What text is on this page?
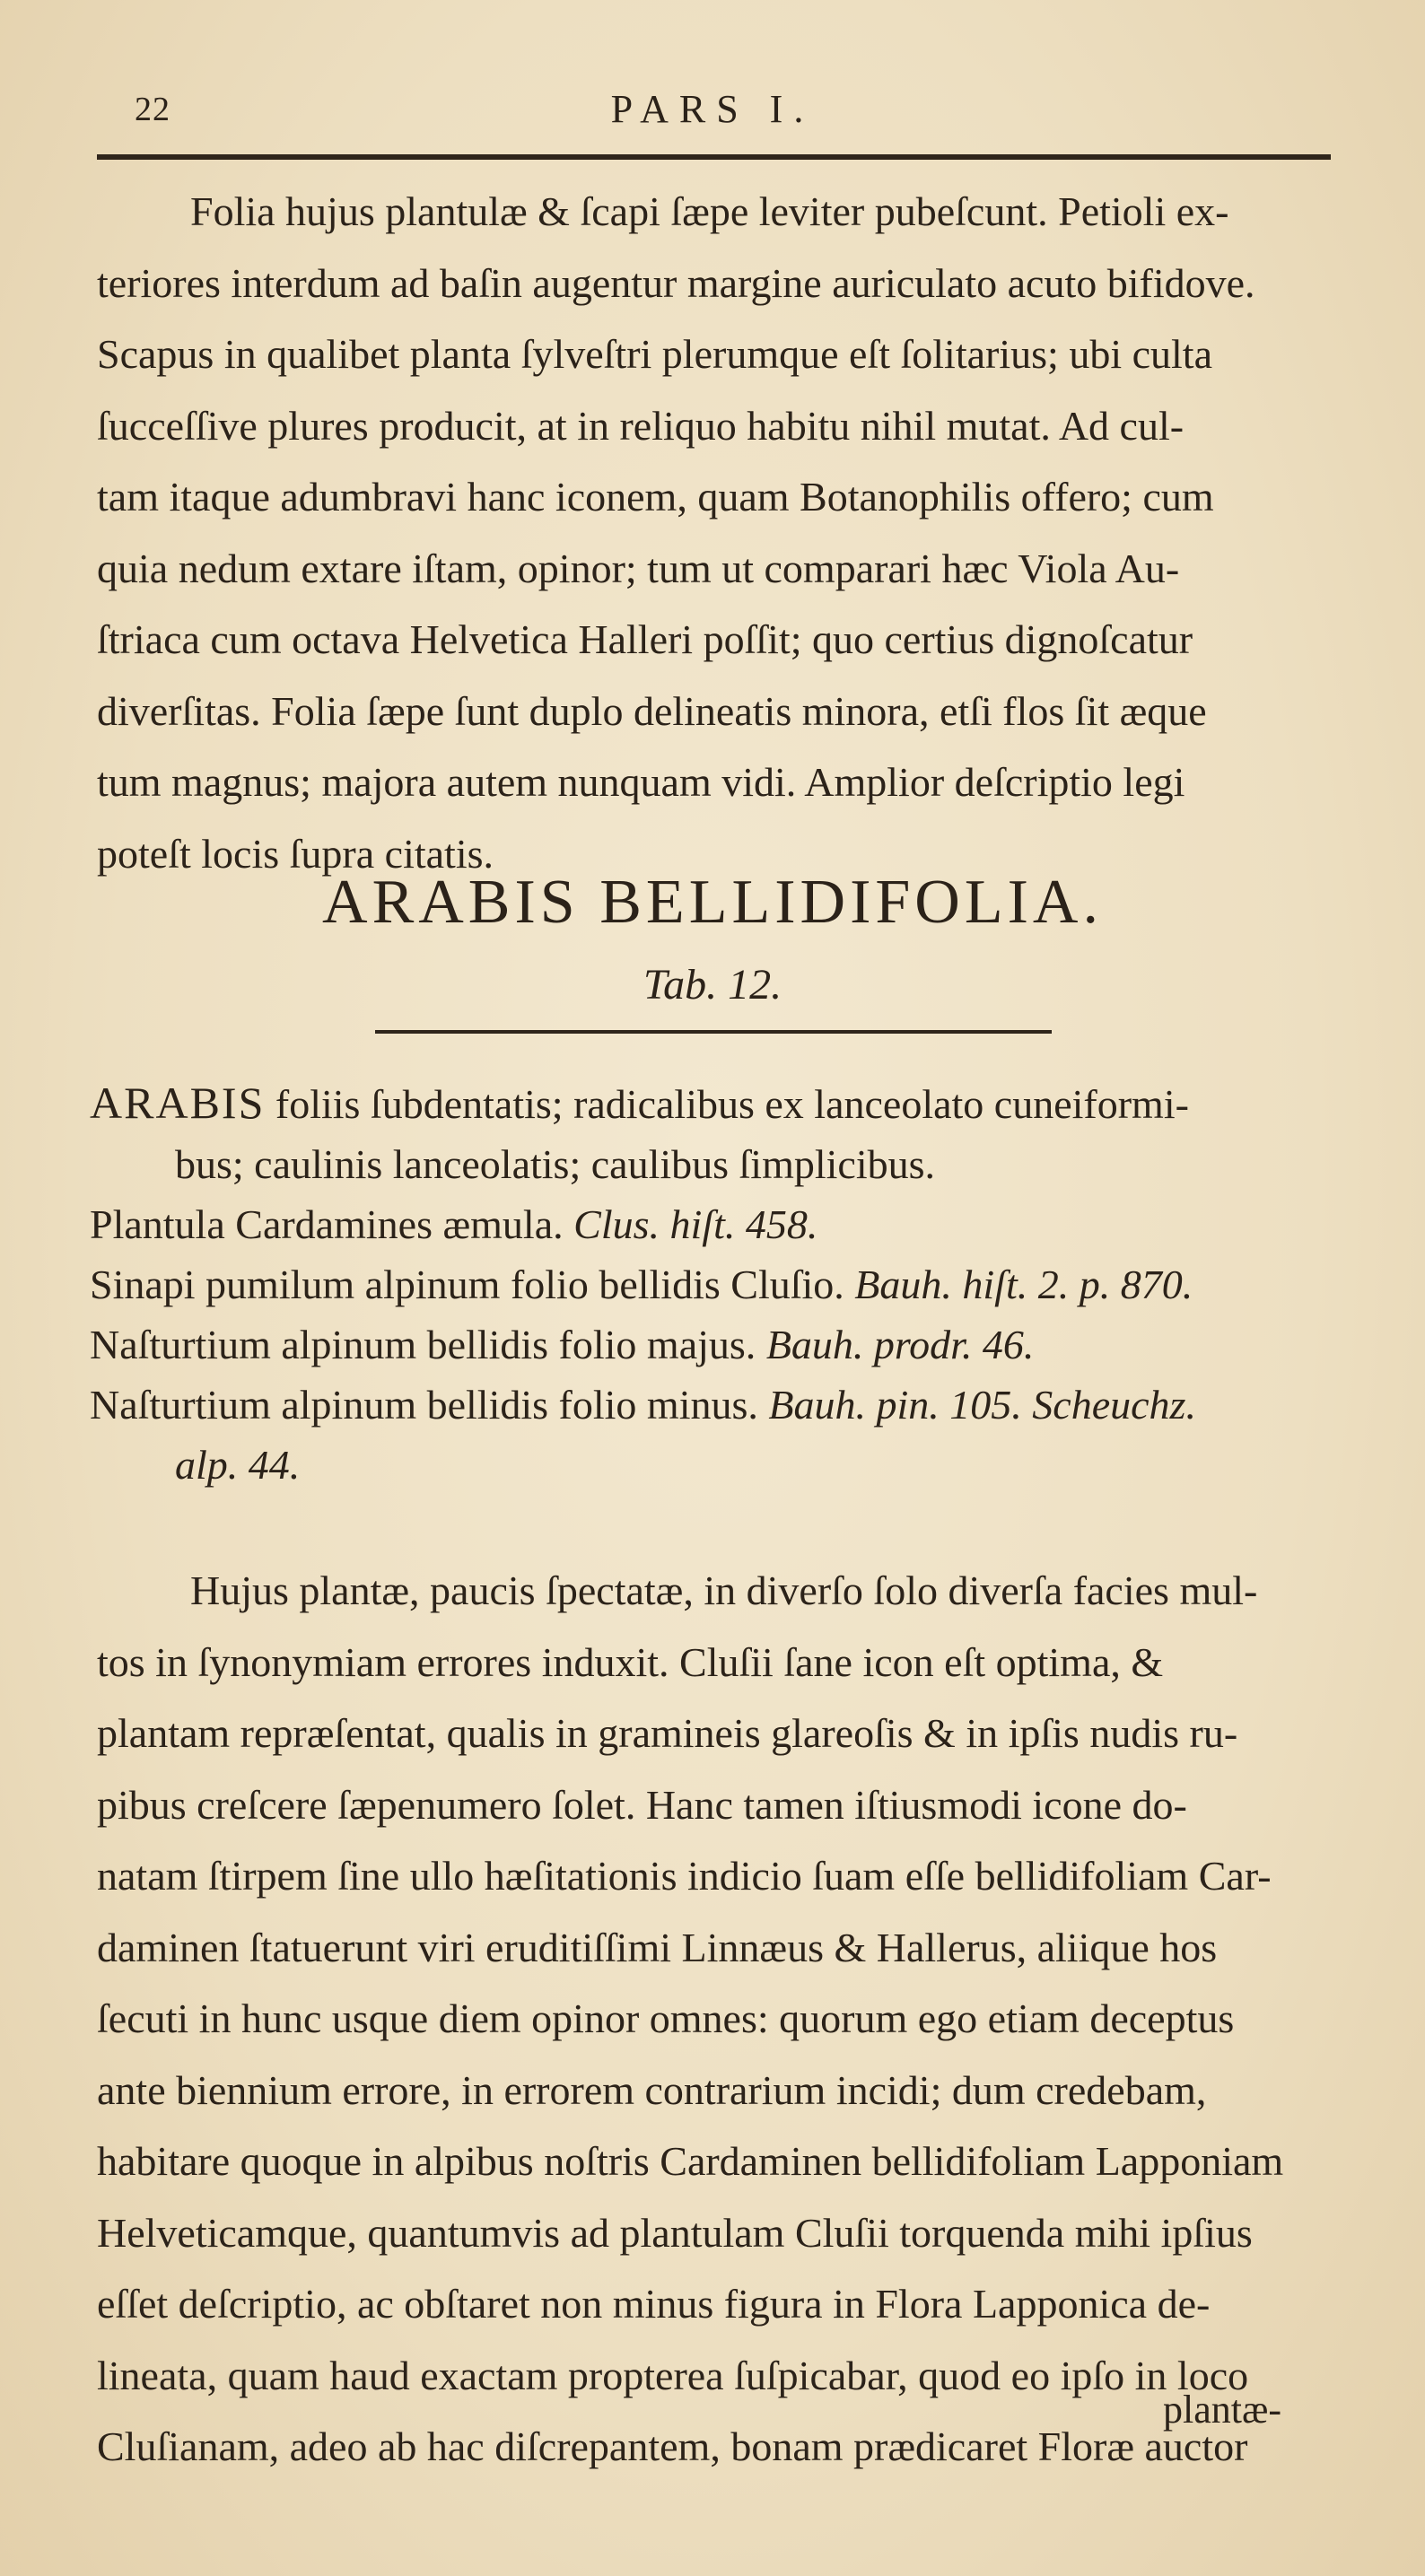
22	PARS I.
Folia hujus plantulæ & ſcapi ſæpe leviter pubeſcunt. Petioli ex-
teriores interdum ad baſin augentur margine auriculato acuto bifidove.
Scapus in qualibet planta ſylveſtri plerumque eſt ſolitarius; ubi culta
ſucceſſive plures producit, at in reliquo habitu nihil mutat. Ad cul-
tam itaque adumbravi hanc iconem, quam Botanophilis offero; cum
quia nedum extare iſtam, opinor; tum ut comparari hæc Viola Au-
ſtriaca cum octava Helvetica Halleri poſſit; quo certius dignoſcatur
diverſitas. Folia ſæpe ſunt duplo delineatis minora, etſi flos ſit æque
tum magnus; majora autem nunquam vidi. Amplior deſcriptio legi
poteſt locis ſupra citatis.
ARABIS BELLIDIFOLIA.
Tab. 12.
ARABIS foliis ſubdentatis; radicalibus ex lanceolato cuneiformi-
bus; caulinis lanceolatis; caulibus ſimplicibus.
Plantula Cardamines æmula. Clus. hiſt. 458.
Sinapi pumilum alpinum folio bellidis Cluſio. Bauh. hiſt. 2. p. 870.
Naſturtium alpinum bellidis folio majus. Bauh. prodr. 46.
Naſturtium alpinum bellidis folio minus. Bauh. pin. 105. Scheuchz.
alp. 44.
Hujus plantæ, paucis ſpectatæ, in diverſo ſolo diverſa facies mul-
tos in ſynonymiam errores induxit. Cluſii ſane icon eſt optima, &
plantam repræſentat, qualis in gramineis glareoſis & in ipſis nudis ru-
pibus creſcere ſæpenumero ſolet. Hanc tamen iſtiusmodi icone do-
natam ſtirpem ſine ullo hæſitationis indicio ſuam eſſe bellidifoliam Car-
daminen ſtatuerunt viri eruditiſſimi Linnæus & Hallerus, aliique hos
ſecuti in hunc usque diem opinor omnes: quorum ego etiam deceptus
ante biennium errore, in errorem contrarium incidi; dum credebam,
habitare quoque in alpibus noſtris Cardaminen bellidifoliam Lapponiam
Helveticamque, quantumvis ad plantulam Cluſii torquenda mihi ipſius
eſſet deſcriptio, ac obſtaret non minus figura in Flora Lapponica de-
lineata, quam haud exactam propterea ſuſpicabar, quod eo ipſo in loco
Cluſianam, adeo ab hac diſcrepantem, bonam prædicaret Floræ auctor
plantæ-
